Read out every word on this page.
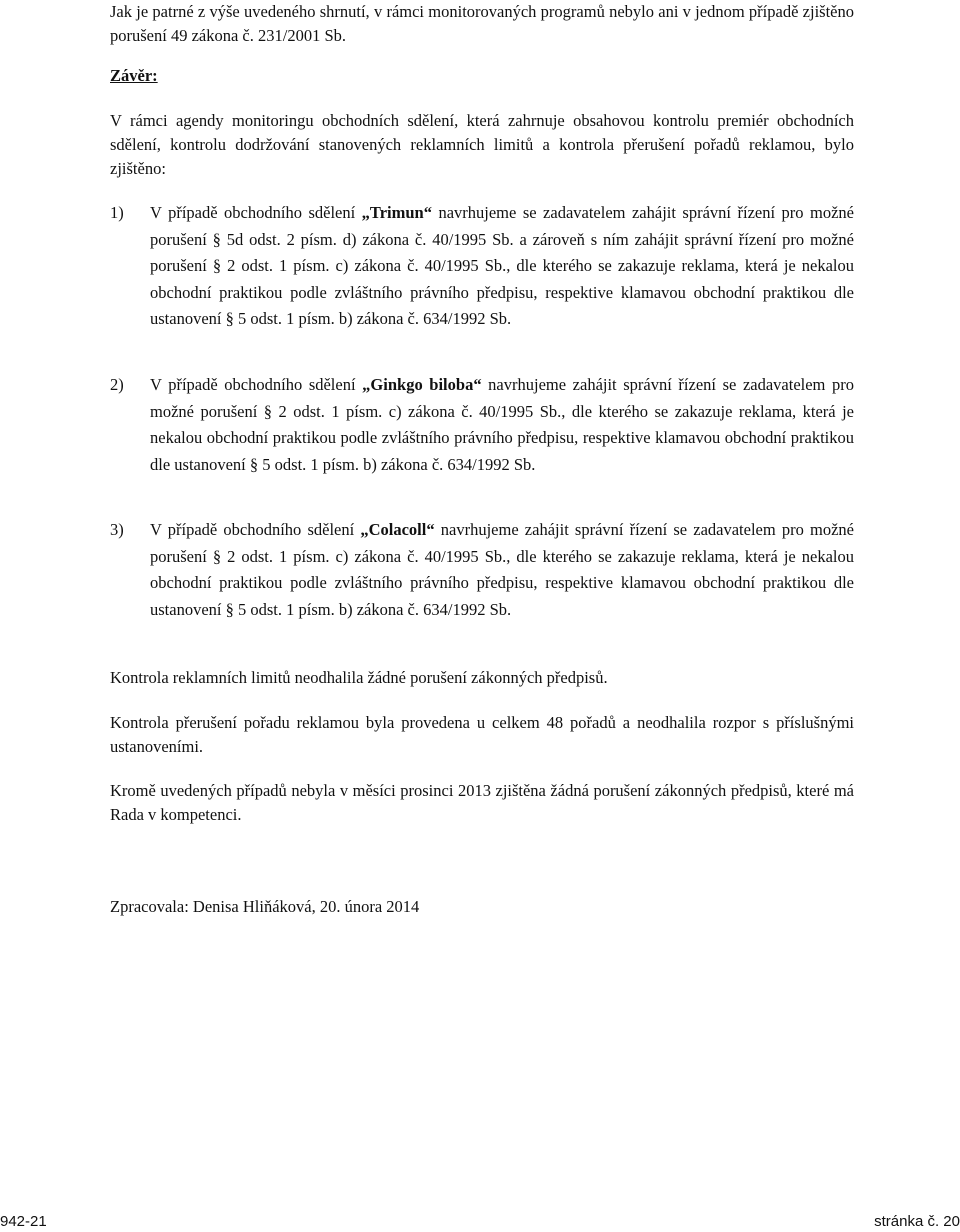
Jak je patrné z výše uvedeného shrnutí, v rámci monitorovaných programů nebylo ani v jednom případě zjištěno porušení 49 zákona č. 231/2001 Sb.

Závěr:

V rámci agendy monitoringu obchodních sdělení, která zahrnuje obsahovou kontrolu premiér obchodních sdělení, kontrolu dodržování stanovených reklamních limitů a kontrola přerušení pořadů reklamou, bylo zjištěno:

1) V případě obchodního sdělení „Trimun“ navrhujeme se zadavatelem zahájit správní řízení pro možné porušení § 5d odst. 2 písm. d) zákona č. 40/1995 Sb. a zároveň s ním zahájit správní řízení pro možné porušení § 2 odst. 1 písm. c) zákona č. 40/1995 Sb., dle kterého se zakazuje reklama, která je nekalou obchodní praktikou podle zvláštního právního předpisu, respektive klamavou obchodní praktikou dle ustanovení § 5 odst. 1 písm. b) zákona č. 634/1992 Sb.
2) V případě obchodního sdělení „Ginkgo biloba“ navrhujeme zahájit správní řízení se zadavatelem pro možné porušení § 2 odst. 1 písm. c) zákona č. 40/1995 Sb., dle kterého se zakazuje reklama, která je nekalou obchodní praktikou podle zvláštního právního předpisu, respektive klamavou obchodní praktikou dle ustanovení § 5 odst. 1 písm. b) zákona č. 634/1992 Sb.
3) V případě obchodního sdělení „Colacoll“ navrhujeme zahájit správní řízení se zadavatelem pro možné porušení § 2 odst. 1 písm. c) zákona č. 40/1995 Sb., dle kterého se zakazuje reklama, která je nekalou obchodní praktikou podle zvláštního právního předpisu, respektive klamavou obchodní praktikou dle ustanovení § 5 odst. 1 písm. b) zákona č. 634/1992 Sb.

Kontrola reklamních limitů neodhalila žádné porušení zákonných předpisů.

Kontrola přerušení pořadu reklamou byla provedena u celkem 48 pořadů a neodhalila rozpor s příslušnými ustanoveními.

Kromě uvedených případů nebyla v měsíci prosinci 2013 zjištěna žádná porušení zákonných předpisů, které má Rada v kompetenci.

Zpracovala: Denisa Hliňáková, 20. února 2014

942-21	stránka č. 20
